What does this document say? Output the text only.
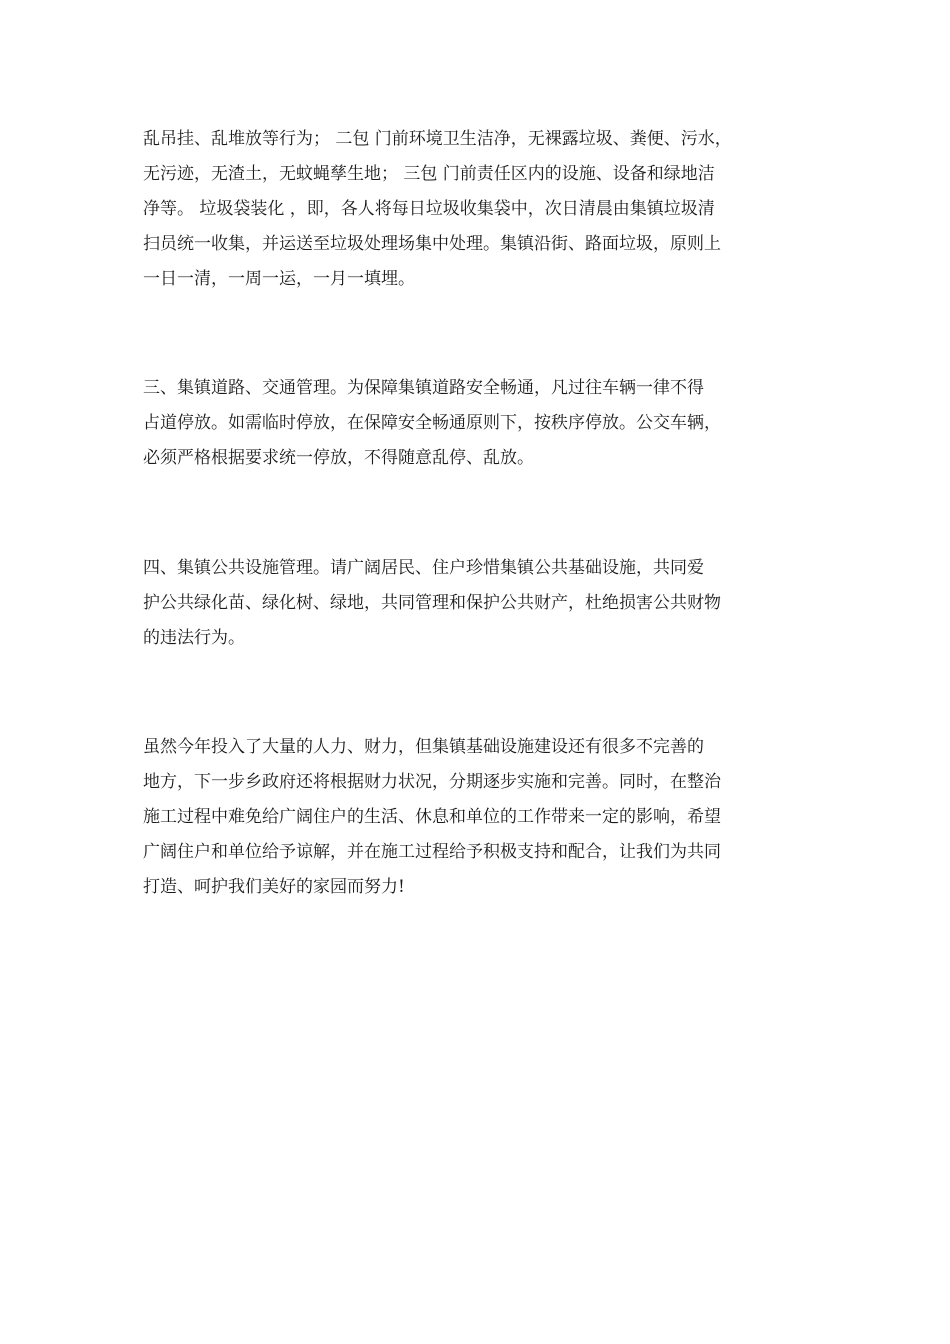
乱吊挂、乱堆放等行为； 二包 门前环境卫生洁净，无裸露垃圾、粪便、污水，
无污迹，无渣土，无蚊蝇孳生地； 三包 门前责任区内的设施、设备和绿地洁
净等。 垃圾袋装化 ，即，各人将每日垃圾收集袋中，次日清晨由集镇垃圾清
扫员统一收集，并运送至垃圾处理场集中处理。集镇沿街、路面垃圾，原则上
一日一清，一周一运，一月一填埋。

三、集镇道路、交通管理。为保障集镇道路安全畅通，凡过往车辆一律不得
占道停放。如需临时停放，在保障安全畅通原则下，按秩序停放。公交车辆，
必须严格根据要求统一停放，不得随意乱停、乱放。

四、集镇公共设施管理。请广阔居民、住户珍惜集镇公共基础设施，共同爱
护公共绿化苗、绿化树、绿地，共同管理和保护公共财产，杜绝损害公共财物
的违法行为。

虽然今年投入了大量的人力、财力，但集镇基础设施建设还有很多不完善的
地方，下一步乡政府还将根据财力状况，分期逐步实施和完善。同时，在整治
施工过程中难免给广阔住户的生活、休息和单位的工作带来一定的影响，希望
广阔住户和单位给予谅解，并在施工过程给予积极支持和配合，让我们为共同
打造、呵护我们美好的家园而努力!
